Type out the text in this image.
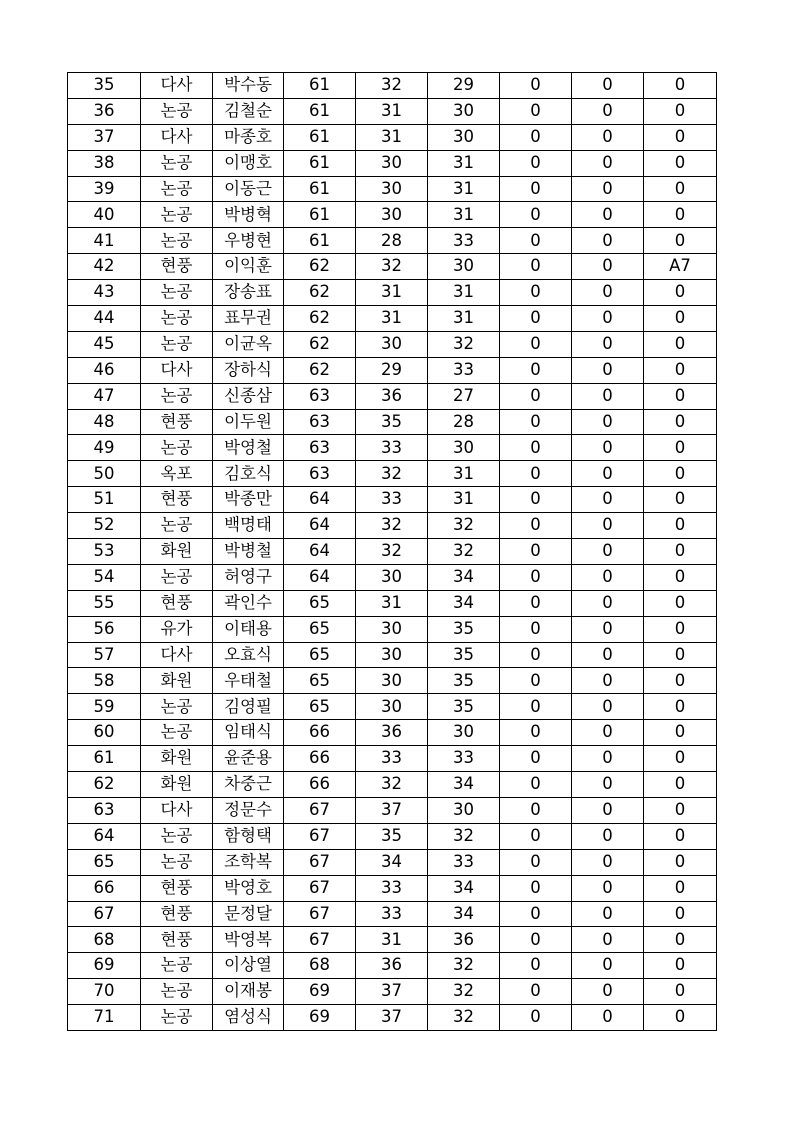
35	다사	박수동	61	32	29	0	0	0
36	논공	김철순	61	31	30	0	0	0
37	다사	마종호	61	31	30	0	0	0
38	논공	이맹호	61	30	31	0	0	0
39	논공	이동근	61	30	31	0	0	0
40	논공	박병혁	61	30	31	0	0	0
41	논공	우병현	61	28	33	0	0	0
42	현풍	이익훈	62	32	30	0	0	A7
43	논공	장송표	62	31	31	0	0	0
44	논공	표무권	62	31	31	0	0	0
45	논공	이균옥	62	30	32	0	0	0
46	다사	장하식	62	29	33	0	0	0
47	논공	신종삼	63	36	27	0	0	0
48	현풍	이두원	63	35	28	0	0	0
49	논공	박영철	63	33	30	0	0	0
50	옥포	김호식	63	32	31	0	0	0
51	현풍	박종만	64	33	31	0	0	0
52	논공	백명태	64	32	32	0	0	0
53	화원	박병철	64	32	32	0	0	0
54	논공	허영구	64	30	34	0	0	0
55	현풍	곽인수	65	31	34	0	0	0
56	유가	이태용	65	30	35	0	0	0
57	다사	오효식	65	30	35	0	0	0
58	화원	우태철	65	30	35	0	0	0
59	논공	김영필	65	30	35	0	0	0
60	논공	임태식	66	36	30	0	0	0
61	화원	윤준용	66	33	33	0	0	0
62	화원	차중근	66	32	34	0	0	0
63	다사	정문수	67	37	30	0	0	0
64	논공	함형택	67	35	32	0	0	0
65	논공	조학복	67	34	33	0	0	0
66	현풍	박영호	67	33	34	0	0	0
67	현풍	문정달	67	33	34	0	0	0
68	현풍	박영복	67	31	36	0	0	0
69	논공	이상열	68	36	32	0	0	0
70	논공	이재봉	69	37	32	0	0	0
71	논공	염성식	69	37	32	0	0	0
